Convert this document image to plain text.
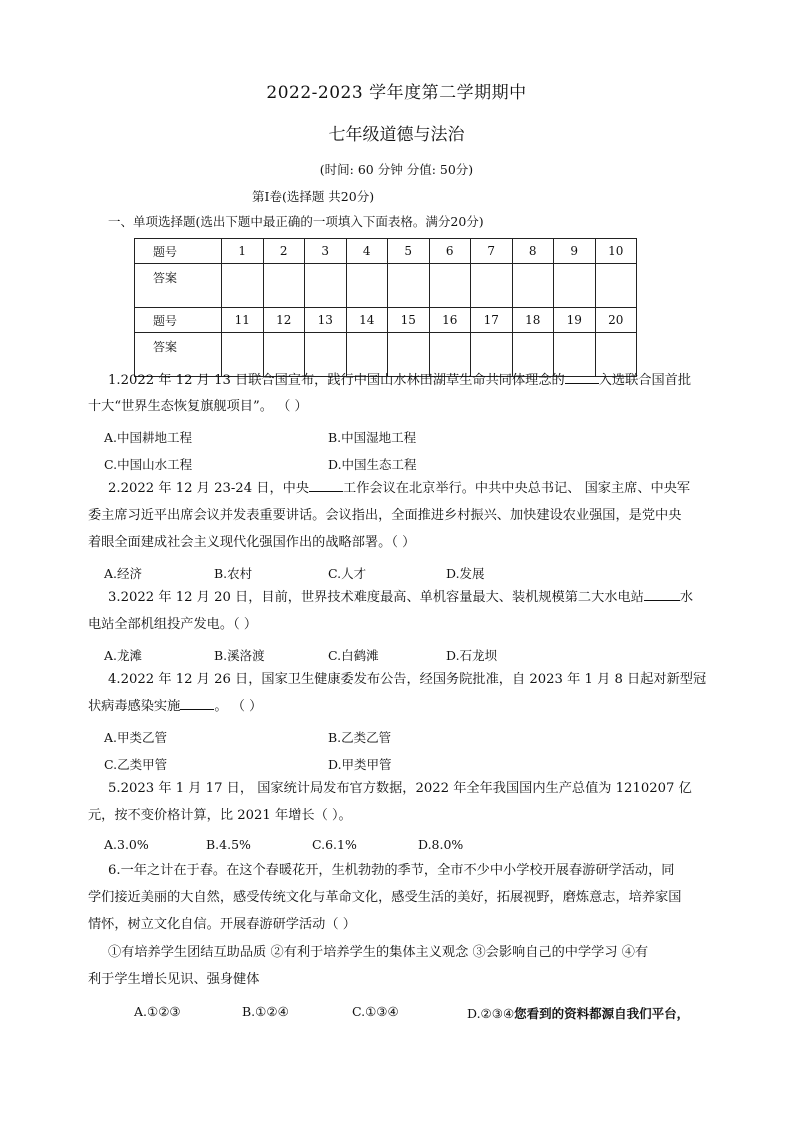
2022-2023 学年度第二学期期中
七年级道德与法治
(时间: 60 分钟 分值: 50分)
第Ⅰ卷(选择题 共20分)
一、单项选择题(选出下题中最正确的一项填入下面表格。满分20分)
题号	1	2	3	4	5	6	7	8	9	10
答案										
题号	11	12	13	14	15	16	17	18	19	20
答案										
1.2022 年 12 月 13 日联合国宣布，践行中国山水林田湖草生命共同体理念的	入选联合国首批
十大“世界生态恢复旗舰项目”。 （ ）
A.中国耕地工程	B.中国湿地工程
C.中国山水工程	D.中国生态工程
2.2022 年 12 月 23-24 日，中央	工作会议在北京举行。中共中央总书记、 国家主席、中央军
委主席习近平出席会议并发表重要讲话。会议指出，全面推进乡村振兴、加快建设农业强国，是党中央
着眼全面建成社会主义现代化强国作出的战略部署。（ ）
A.经济	B.农村	C.人才	D.发展
3.2022 年 12 月 20 日，目前，世界技术难度最高、单机容量最大、装机规模第二大水电站	水
电站全部机组投产发电。（ ）
A.龙滩	B.溪洛渡	C.白鹤滩	D.石龙坝
4.2022 年 12 月 26 日，国家卫生健康委发布公告，经国务院批准，自 2023 年 1 月 8 日起对新型冠
状病毒感染实施	。 （ ）
A.甲类乙管	B.乙类乙管
C.乙类甲管	D.甲类甲管
5.2023 年 1 月 17 日， 国家统计局发布官方数据，2022 年全年我国国内生产总值为 1210207 亿
元，按不变价格计算，比 2021 年增长（ ）。
A.3.0%	B.4.5%	C.6.1%	D.8.0%
6.一年之计在于春。在这个春暖花开，生机勃勃的季节，全市不少中小学校开展春游研学活动，同
学们接近美丽的大自然，感受传统文化与革命文化，感受生活的美好，拓展视野，磨炼意志，培养家国
情怀，树立文化自信。开展春游研学活动（ ）
①有培养学生团结互助品质 ②有利于培养学生的集体主义观念 ③会影响自己的中学学习 ④有
利于学生增长见识、强身健体
A.①②③	B.①②④	C.①③④	D.②③④您看到的资料都源自我们平台，
